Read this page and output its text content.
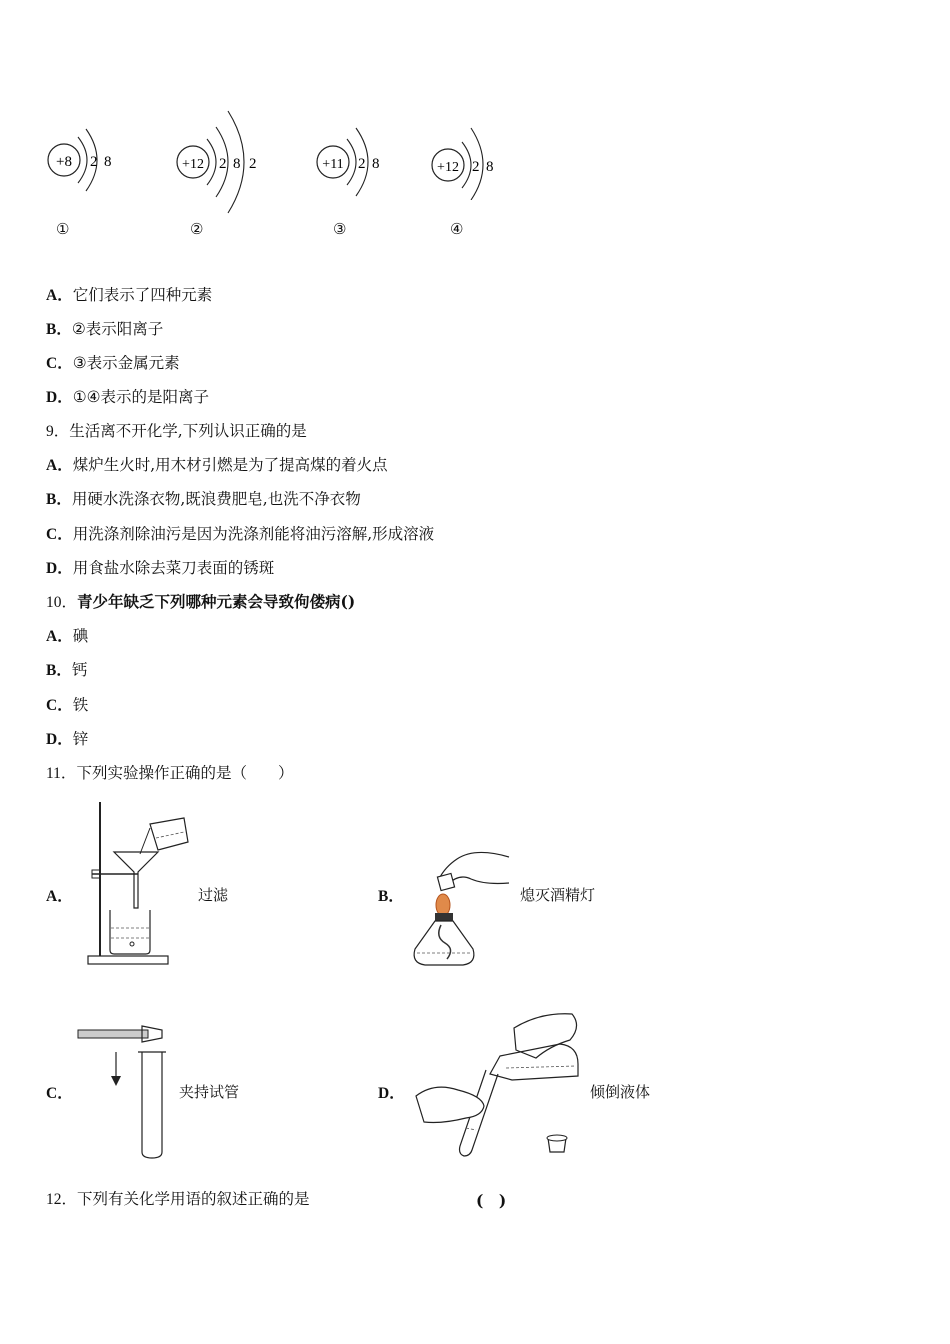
+8 2 8	+12 2 8 2	+11 2 8	+12 2 8
①	②	③	④
A．它们表示了四种元素
B．②表示阳离子
C．③表示金属元素
D．①④表示的是阳离子
9．生活离不开化学,下列认识正确的是
A．煤炉生火时,用木材引燃是为了提高煤的着火点
B．用硬水洗涤衣物,既浪费肥皂,也洗不净衣物
C．用洗涤剂除油污是因为洗涤剂能将油污溶解,形成溶液
D．用食盐水除去菜刀表面的锈斑
10．青少年缺乏下列哪种元素会导致佝偻病()
A．碘
B．钙
C．铁
D．锌
11．下列实验操作正确的是（　　）
A．	过滤	B．	熄灭酒精灯
C．	夹持试管	D．	倾倒液体
12．下列有关化学用语的叙述正确的是	(　)
